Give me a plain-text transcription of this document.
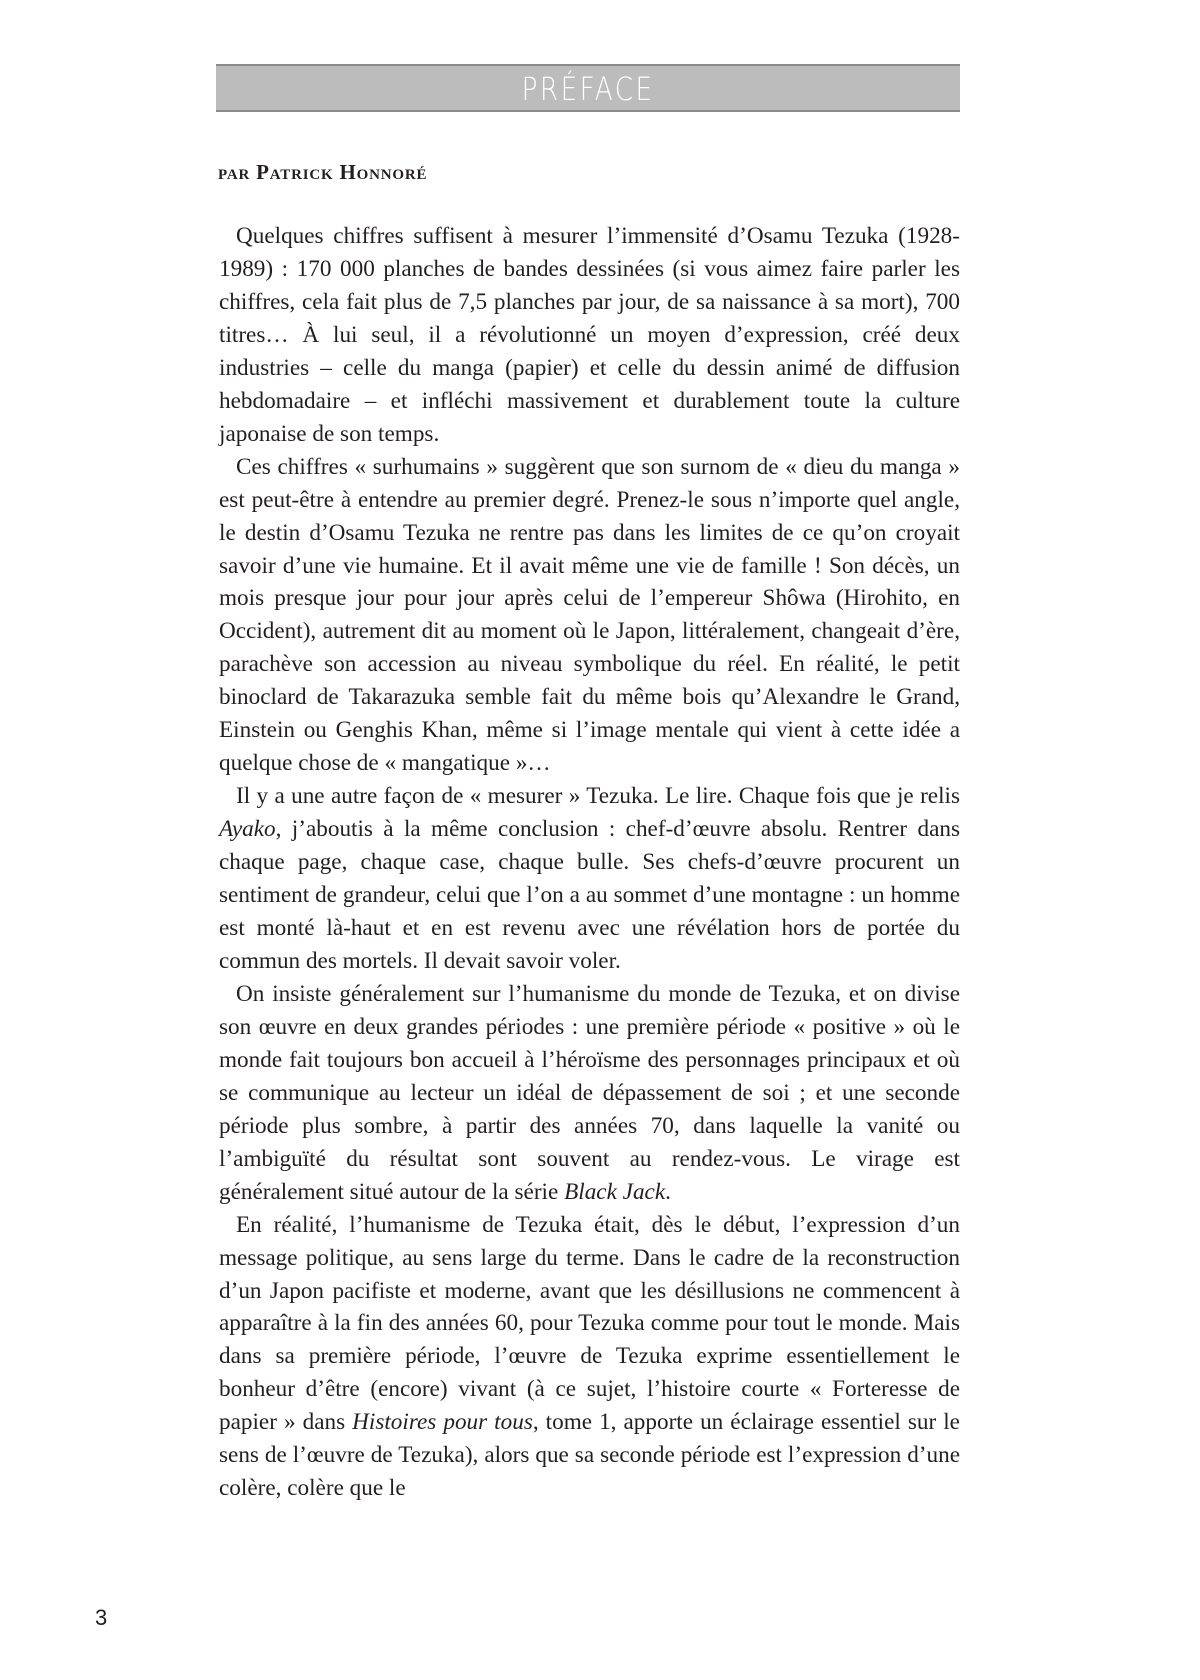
PRÉFACE
par Patrick Honnoré

Quelques chiffres suffisent à mesurer l’immensité d’Osamu Tezuka (1928-1989) : 170 000 planches de bandes dessinées (si vous aimez faire parler les chiffres, cela fait plus de 7,5 planches par jour, de sa naissance à sa mort), 700 titres… À lui seul, il a révolutionné un moyen d’expression, créé deux industries – celle du manga (papier) et celle du dessin animé de diffusion hebdomadaire – et infléchi massivement et durablement toute la culture japonaise de son temps.

Ces chiffres « surhumains » suggèrent que son surnom de « dieu du manga » est peut-être à entendre au premier degré. Prenez-le sous n’importe quel angle, le destin d’Osamu Tezuka ne rentre pas dans les limites de ce qu’on croyait savoir d’une vie humaine. Et il avait même une vie de famille ! Son décès, un mois presque jour pour jour après celui de l’empereur Shôwa (Hirohito, en Occident), autrement dit au moment où le Japon, littéralement, changeait d’ère, parachève son accession au niveau symbolique du réel. En réalité, le petit binoclard de Takarazuka semble fait du même bois qu’Alexandre le Grand, Einstein ou Genghis Khan, même si l’image mentale qui vient à cette idée a quelque chose de « mangatique »…

Il y a une autre façon de « mesurer » Tezuka. Le lire. Chaque fois que je relis Ayako, j’aboutis à la même conclusion : chef-d’œuvre absolu. Rentrer dans chaque page, chaque case, chaque bulle. Ses chefs-d’œuvre procurent un sentiment de grandeur, celui que l’on a au sommet d’une montagne : un homme est monté là-haut et en est revenu avec une révélation hors de portée du commun des mortels. Il devait savoir voler.

On insiste généralement sur l’humanisme du monde de Tezuka, et on divise son œuvre en deux grandes périodes : une première période « positive » où le monde fait toujours bon accueil à l’héroïsme des personnages principaux et où se communique au lecteur un idéal de dépassement de soi ; et une seconde période plus sombre, à partir des années 70, dans laquelle la vanité ou l’ambiguïté du résultat sont souvent au rendez-vous. Le virage est généralement situé autour de la série Black Jack.

En réalité, l’humanisme de Tezuka était, dès le début, l’expression d’un message politique, au sens large du terme. Dans le cadre de la reconstruction d’un Japon pacifiste et moderne, avant que les désillusions ne commencent à apparaître à la fin des années 60, pour Tezuka comme pour tout le monde. Mais dans sa première période, l’œuvre de Tezuka exprime essentiellement le bonheur d’être (encore) vivant (à ce sujet, l’histoire courte « Forteresse de papier » dans Histoires pour tous, tome 1, apporte un éclairage essentiel sur le sens de l’œuvre de Tezuka), alors que sa seconde période est l’expression d’une colère, colère que le

3
